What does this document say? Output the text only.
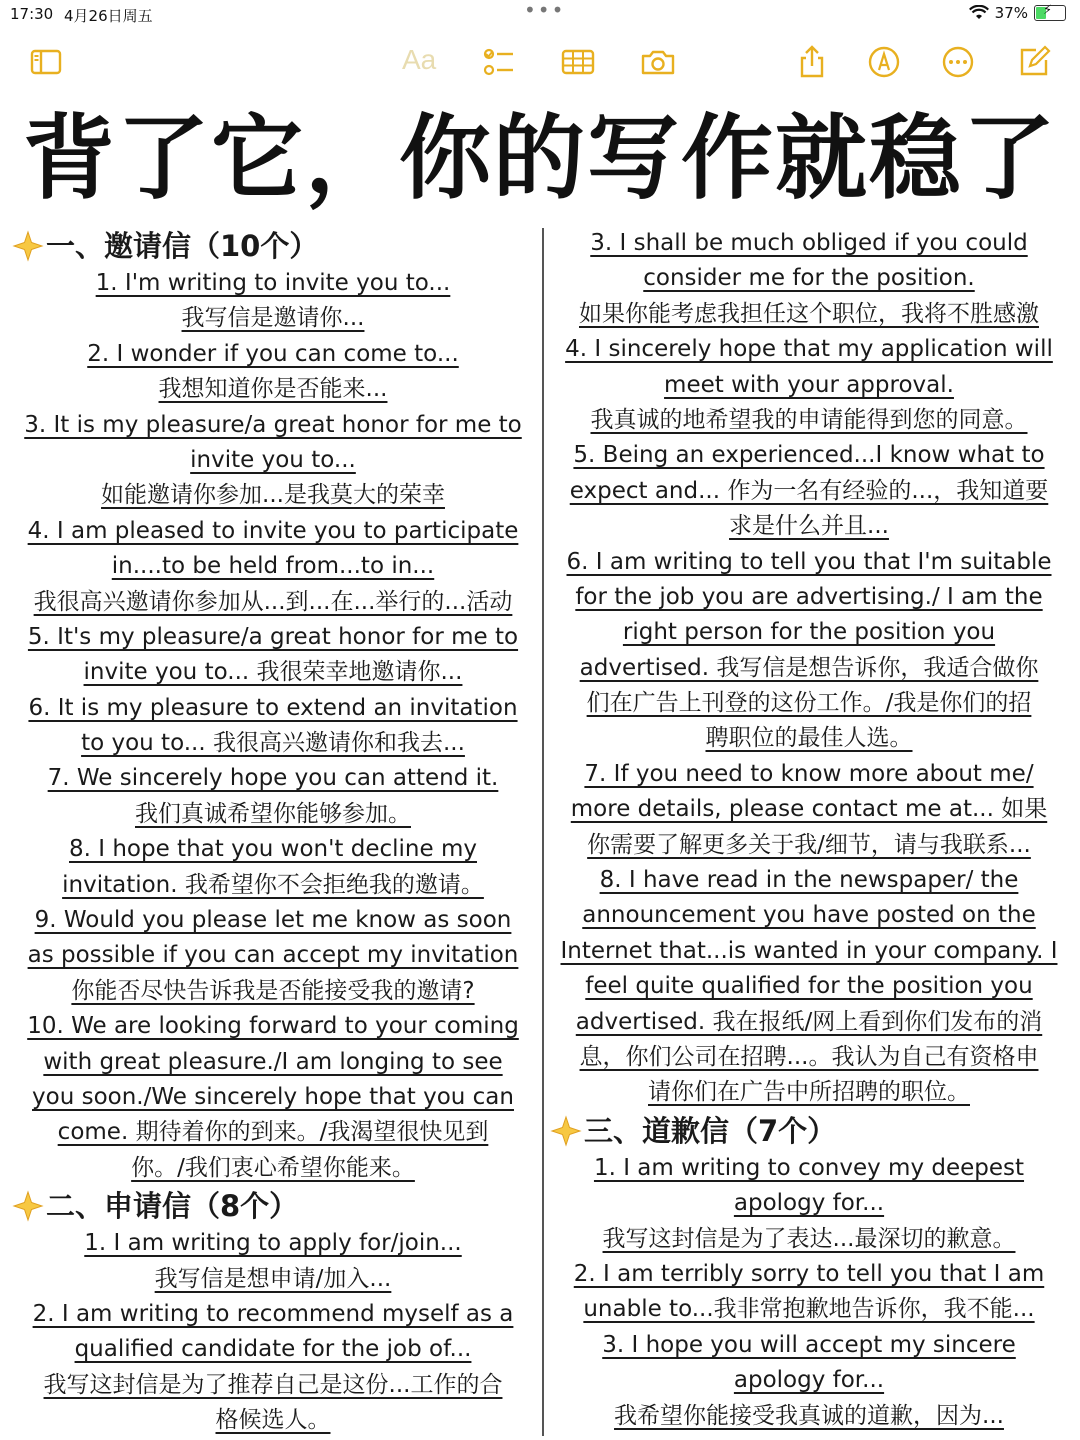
17:30 4月26日周五	•••	37% ⚡
Aa
背了它，你的写作就稳了
一、邀请信（10个）
1. I'm writing to invite you to...
我写信是邀请你...
2. I wonder if you can come to...
我想知道你是否能来...
3. It is my pleasure/a great honor for me to
invite you to...
如能邀请你参加...是我莫大的荣幸
4. I am pleased to invite you to participate
in....to be held from...to in...
我很高兴邀请你参加从...到...在...举行的...活动
5. It's my pleasure/a great honor for me to
invite you to... 我很荣幸地邀请你...
6. It is my pleasure to extend an invitation
to you to... 我很高兴邀请你和我去...
7. We sincerely hope you can attend it.
我们真诚希望你能够参加。
8. I hope that you won't decline my
invitation. 我希望你不会拒绝我的邀请。
9. Would you please let me know as soon
as possible if you can accept my invitation
你能否尽快告诉我是否能接受我的邀请?
10. We are looking forward to your coming
with great pleasure./I am longing to see
you soon./We sincerely hope that you can
come. 期待着你的到来。/我渴望很快见到
你。/我们衷心希望你能来。
二、申请信（8个）
1. I am writing to apply for/join...
我写信是想申请/加入...
2. I am writing to recommend myself as a
qualified candidate for the job of...
我写这封信是为了推荐自己是这份...工作的合
格候选人。
3. I shall be much obliged if you could
consider me for the position.
如果你能考虑我担任这个职位，我将不胜感激
4. I sincerely hope that my application will
meet with your approval.
我真诚的地希望我的申请能得到您的同意。
5. Being an experienced...I know what to
expect and... 作为一名有经验的...，我知道要
求是什么并且...
6. I am writing to tell you that I'm suitable
for the job you are advertising./ I am the
right person for the position you
advertised. 我写信是想告诉你，我适合做你
们在广告上刊登的这份工作。/我是你们的招
聘职位的最佳人选。
7. If you need to know more about me/
more details, please contact me at... 如果
你需要了解更多关于我/细节，请与我联系...
8. I have read in the newspaper/ the
announcement you have posted on the
Internet that...is wanted in your company. I
feel quite qualified for the position you
advertised. 我在报纸/网上看到你们发布的消
息，你们公司在招聘...。我认为自己有资格申
请你们在广告中所招聘的职位。
三、道歉信（7个）
1. I am writing to convey my deepest
apology for...
我写这封信是为了表达...最深切的歉意。
2. I am terribly sorry to tell you that I am
unable to...我非常抱歉地告诉你，我不能...
3. I hope you will accept my sincere
apology for...
我希望你能接受我真诚的道歉，因为...
